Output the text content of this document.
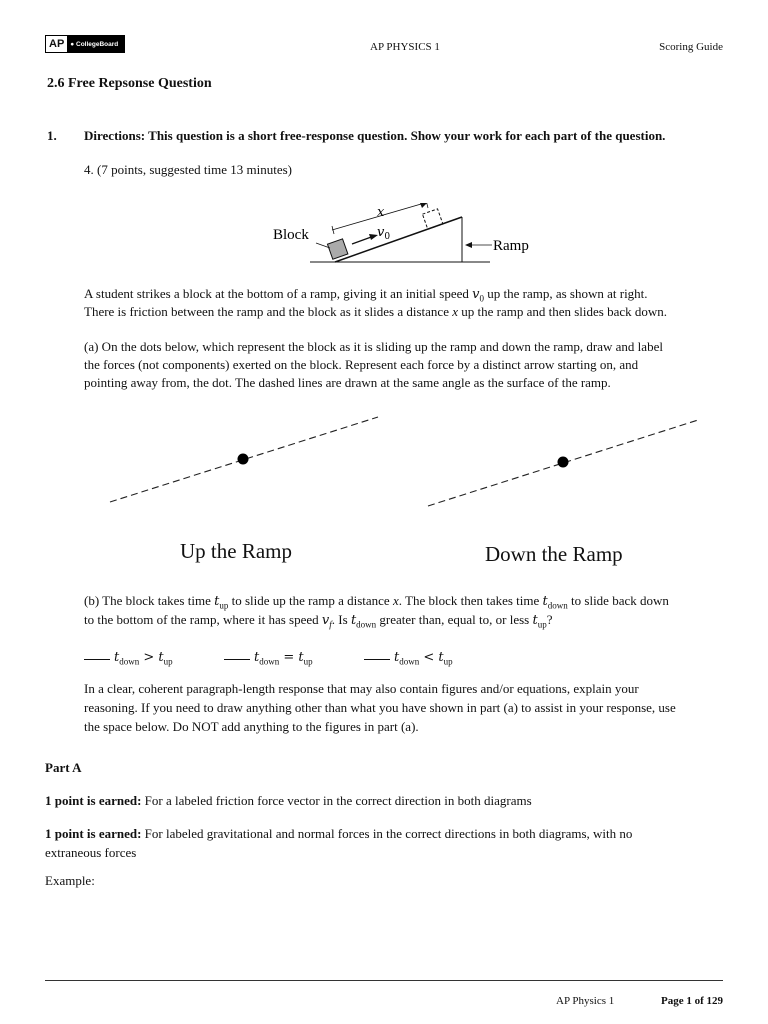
AP ● CollegeBoard	AP PHYSICS 1	Scoring Guide
2.6 Free Repsonse Question
1. Directions: This question is a short free-response question. Show your work for each part of the question.
4. (7 points, suggested time 13 minutes)
x
$v_0$
Block
Ramp
A student strikes a block at the bottom of a ramp, giving it an initial speed $v_0$ up the ramp, as shown at right.
There is friction between the ramp and the block as it slides a distance x up the ramp and then slides back down.
(a) On the dots below, which represent the block as it is sliding up the ramp and down the ramp, draw and label
the forces (not components) exerted on the block. Represent each force by a distinct arrow starting on, and
pointing away from, the dot. The dashed lines are drawn at the same angle as the surface of the ramp.
Up the Ramp	Down the Ramp
(b) The block takes time $t_{up}$ to slide up the ramp a distance x. The block then takes time $t_{down}$ to slide back down
to the bottom of the ramp, where it has speed $v_f$. Is $t_{down}$ greater than, equal to, or less $t_{up}$?
$t_{down} > t_{up}$	$t_{down} = t_{up}$	$t_{down} < t_{up}$
In a clear, coherent paragraph-length response that may also contain figures and/or equations, explain your
reasoning. If you need to draw anything other than what you have shown in part (a) to assist in your response, use
the space below. Do NOT add anything to the figures in part (a).
Part A
1 point is earned: For a labeled friction force vector in the correct direction in both diagrams
1 point is earned: For labeled gravitational and normal forces in the correct directions in both diagrams, with no
extraneous forces
Example:
AP Physics 1	Page 1 of 129
